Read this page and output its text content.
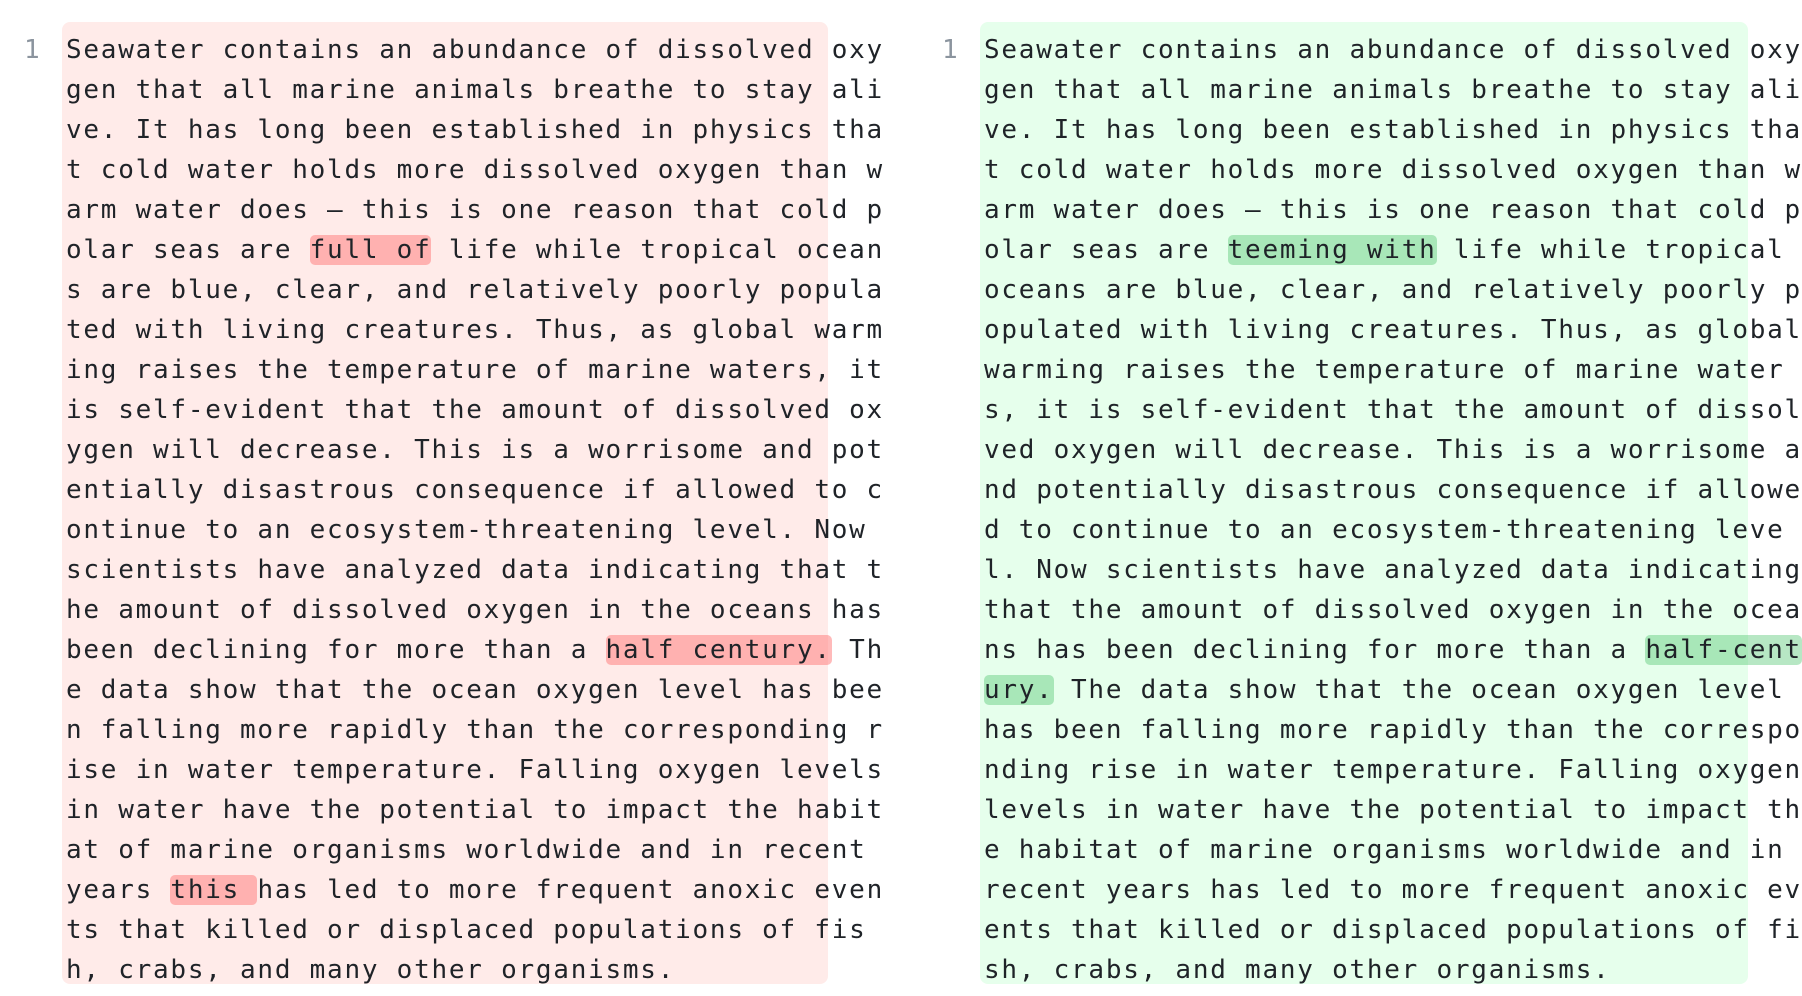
1	Seawater contains an abundance of dissolved oxy
gen that all marine animals breathe to stay ali
ve. It has long been established in physics tha
t cold water holds more dissolved oxygen than w
arm water does — this is one reason that cold p
olar seas are full of life while tropical ocean
s are blue, clear, and relatively poorly popula
ted with living creatures. Thus, as global warm
ing raises the temperature of marine waters, it
is self-evident that the amount of dissolved ox
ygen will decrease. This is a worrisome and pot
entially disastrous consequence if allowed to c
ontinue to an ecosystem-threatening level. Now
scientists have analyzed data indicating that t
he amount of dissolved oxygen in the oceans has
been declining for more than a half century. Th
e data show that the ocean oxygen level has bee
n falling more rapidly than the corresponding r
ise in water temperature. Falling oxygen levels
in water have the potential to impact the habit
at of marine organisms worldwide and in recent
years this has led to more frequent anoxic even
ts that killed or displaced populations of fis
h, crabs, and many other organisms.
1	Seawater contains an abundance of dissolved oxy
gen that all marine animals breathe to stay ali
ve. It has long been established in physics tha
t cold water holds more dissolved oxygen than w
arm water does — this is one reason that cold p
olar seas are teeming with life while tropical
oceans are blue, clear, and relatively poorly p
opulated with living creatures. Thus, as global
warming raises the temperature of marine water
s, it is self-evident that the amount of dissol
ved oxygen will decrease. This is a worrisome a
nd potentially disastrous consequence if allowe
d to continue to an ecosystem-threatening leve
l. Now scientists have analyzed data indicating
that the amount of dissolved oxygen in the ocea
ns has been declining for more than a half-cent
ury. The data show that the ocean oxygen level
has been falling more rapidly than the correspo
nding rise in water temperature. Falling oxygen
levels in water have the potential to impact th
e habitat of marine organisms worldwide and in
recent years has led to more frequent anoxic ev
ents that killed or displaced populations of fi
sh, crabs, and many other organisms.
